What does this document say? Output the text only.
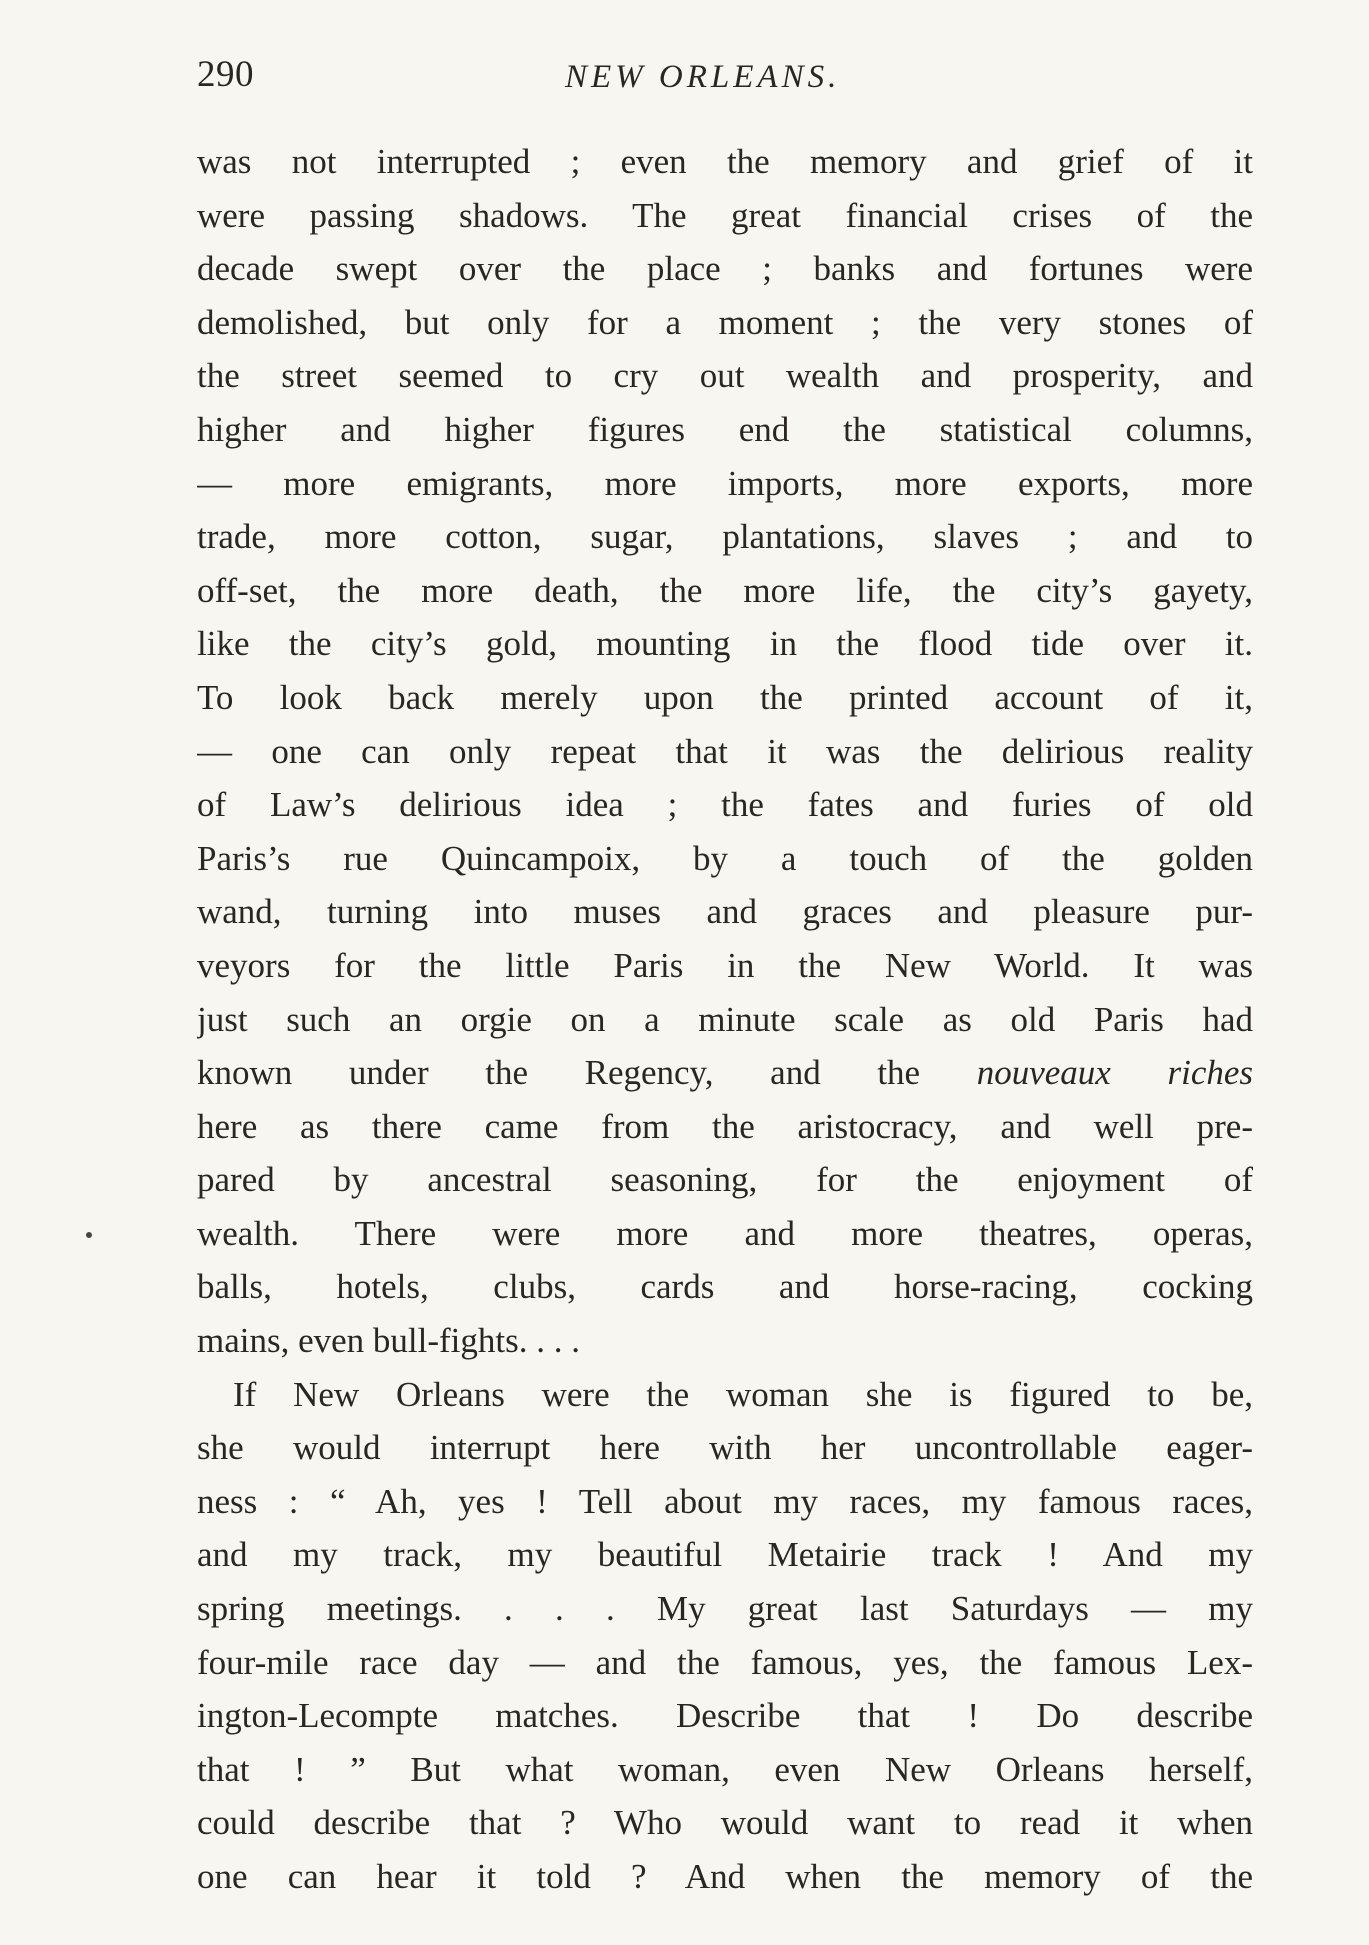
290	NEW ORLEANS.
was not interrupted ; even the memory and grief of it
were passing shadows. The great financial crises of the
decade swept over the place ; banks and fortunes were
demolished, but only for a moment ; the very stones of
the street seemed to cry out wealth and prosperity, and
higher and higher figures end the statistical columns,
— more emigrants, more imports, more exports, more
trade, more cotton, sugar, plantations, slaves ; and to
off-set, the more death, the more life, the city’s gayety,
like the city’s gold, mounting in the flood tide over it.
To look back merely upon the printed account of it,
— one can only repeat that it was the delirious reality
of Law’s delirious idea ; the fates and furies of old
Paris’s rue Quincampoix, by a touch of the golden
wand, turning into muses and graces and pleasure pur-
veyors for the little Paris in the New World. It was
just such an orgie on a minute scale as old Paris had
known under the Regency, and the nouveaux riches
here as there came from the aristocracy, and well pre-
pared by ancestral seasoning, for the enjoyment of
wealth. There were more and more theatres, operas,
balls, hotels, clubs, cards and horse-racing, cocking
mains, even bull-fights. . . .
If New Orleans were the woman she is figured to be,
she would interrupt here with her uncontrollable eager-
ness : “ Ah, yes ! Tell about my races, my famous races,
and my track, my beautiful Metairie track ! And my
spring meetings. . . . My great last Saturdays — my
four-mile race day — and the famous, yes, the famous Lex-
ington-Lecompte matches. Describe that ! Do describe
that ! ” But what woman, even New Orleans herself,
could describe that ? Who would want to read it when
one can hear it told ? And when the memory of the
